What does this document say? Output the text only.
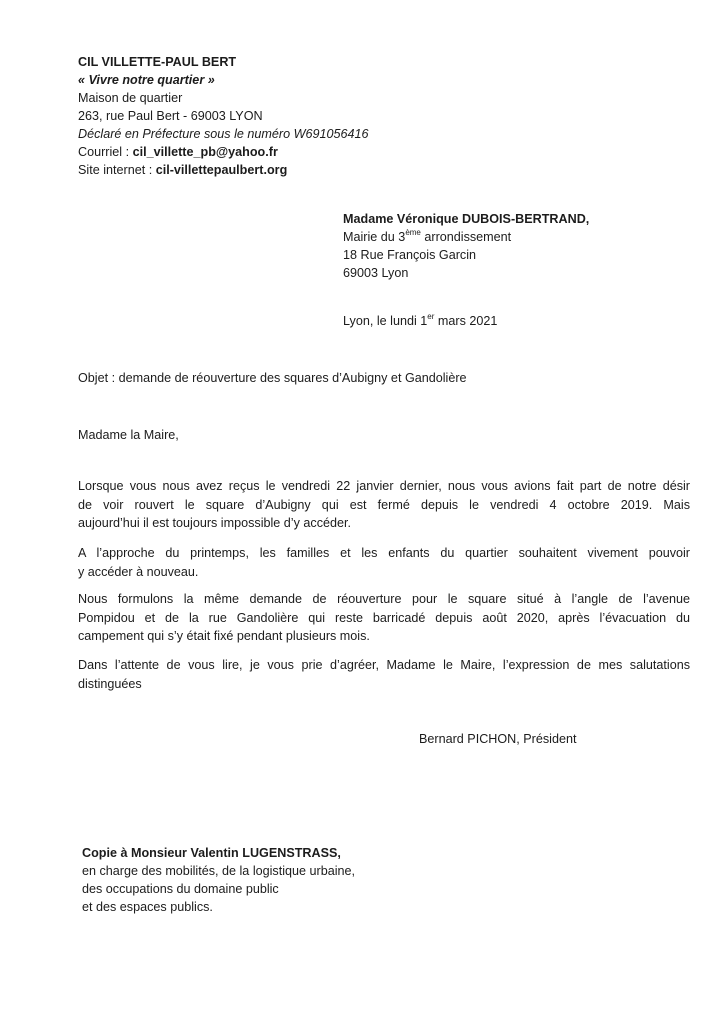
CIL VILLETTE-PAUL BERT
« Vivre notre quartier »
Maison de quartier
263, rue Paul Bert - 69003 LYON
Déclaré en Préfecture sous le numéro W691056416
Courriel : cil_villette_pb@yahoo.fr
Site internet : cil-villettepaulbert.org
Madame Véronique DUBOIS-BERTRAND,
Mairie du 3ème arrondissement
18 Rue François Garcin
69003 Lyon
Lyon, le lundi 1er mars 2021
Objet : demande de réouverture des squares d’Aubigny et Gandolière
Madame la Maire,
Lorsque vous nous avez reçus le vendredi 22 janvier dernier, nous vous avions fait part de notre désir
de voir rouvert le square d’Aubigny qui est fermé depuis le vendredi 4 octobre 2019. Mais
aujourd’hui il est toujours impossible d’y accéder.
A l’approche du printemps, les familles et les enfants du quartier souhaitent vivement pouvoir
y accéder à nouveau.
Nous formulons la même demande de réouverture pour le square situé à l’angle de l’avenue
Pompidou et de la rue Gandolière qui reste barricadé depuis août 2020, après l’évacuation du
campement qui s’y était fixé pendant plusieurs mois.
Dans l’attente de vous lire, je vous prie d’agréer, Madame le Maire, l’expression de mes salutations
distinguées
Bernard PICHON, Président
Copie à Monsieur Valentin LUGENSTRASS,
en charge des mobilités, de la logistique urbaine,
des occupations du domaine public
et des espaces publics.
